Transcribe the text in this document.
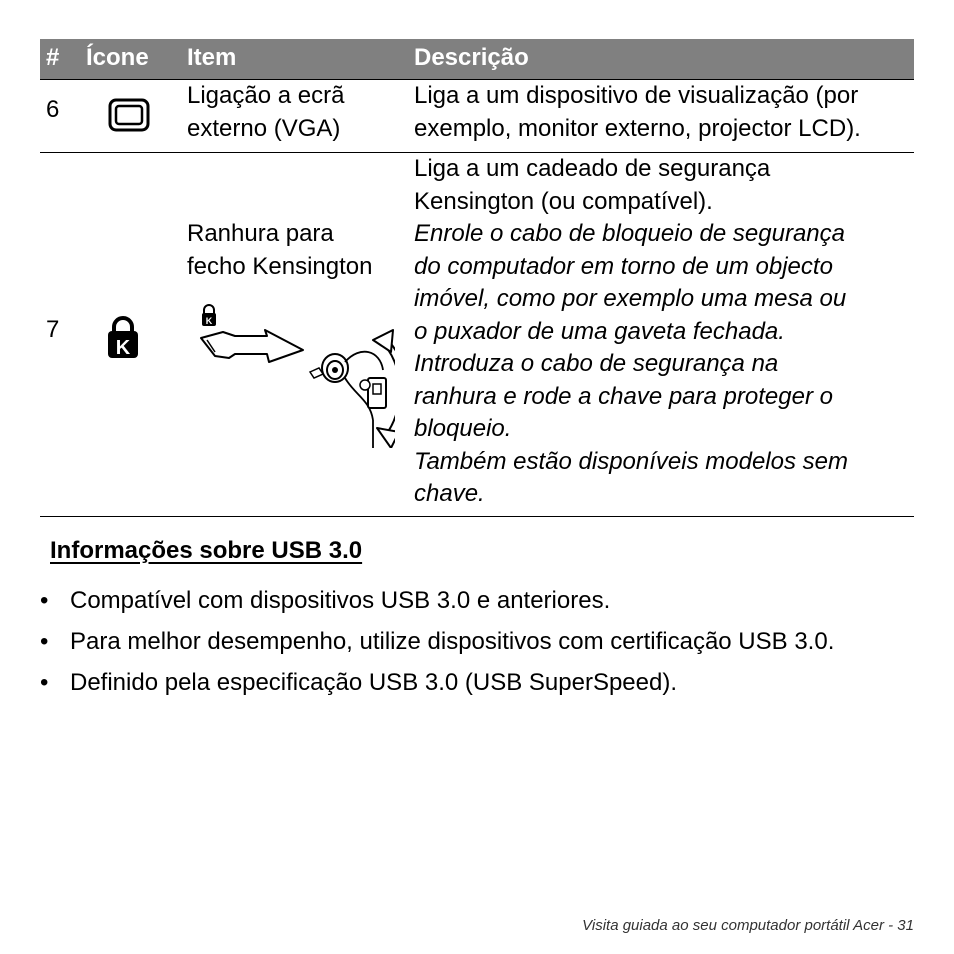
# Ícone Item	Descrição
6
Ligação a ecrã
externo (VGA)
Liga a um dispositivo de visualização (por
exemplo, monitor externo, projector LCD).
7
K
Ranhura para
fecho Kensington
K
Liga a um cadeado de segurança
Kensington (ou compatível).
Enrole o cabo de bloqueio de segurança
do computador em torno de um objecto
imóvel, como por exemplo uma mesa ou
o puxador de uma gaveta fechada.
Introduza o cabo de segurança na
ranhura e rode a chave para proteger o
bloqueio.
Também estão disponíveis modelos sem
chave.
Informações sobre USB 3.0
• Compatível com dispositivos USB 3.0 e anteriores.
• Para melhor desempenho, utilize dispositivos com certificação USB 3.0.
• Definido pela especificação USB 3.0 (USB SuperSpeed).
Visita guiada ao seu computador portátil Acer - 31
